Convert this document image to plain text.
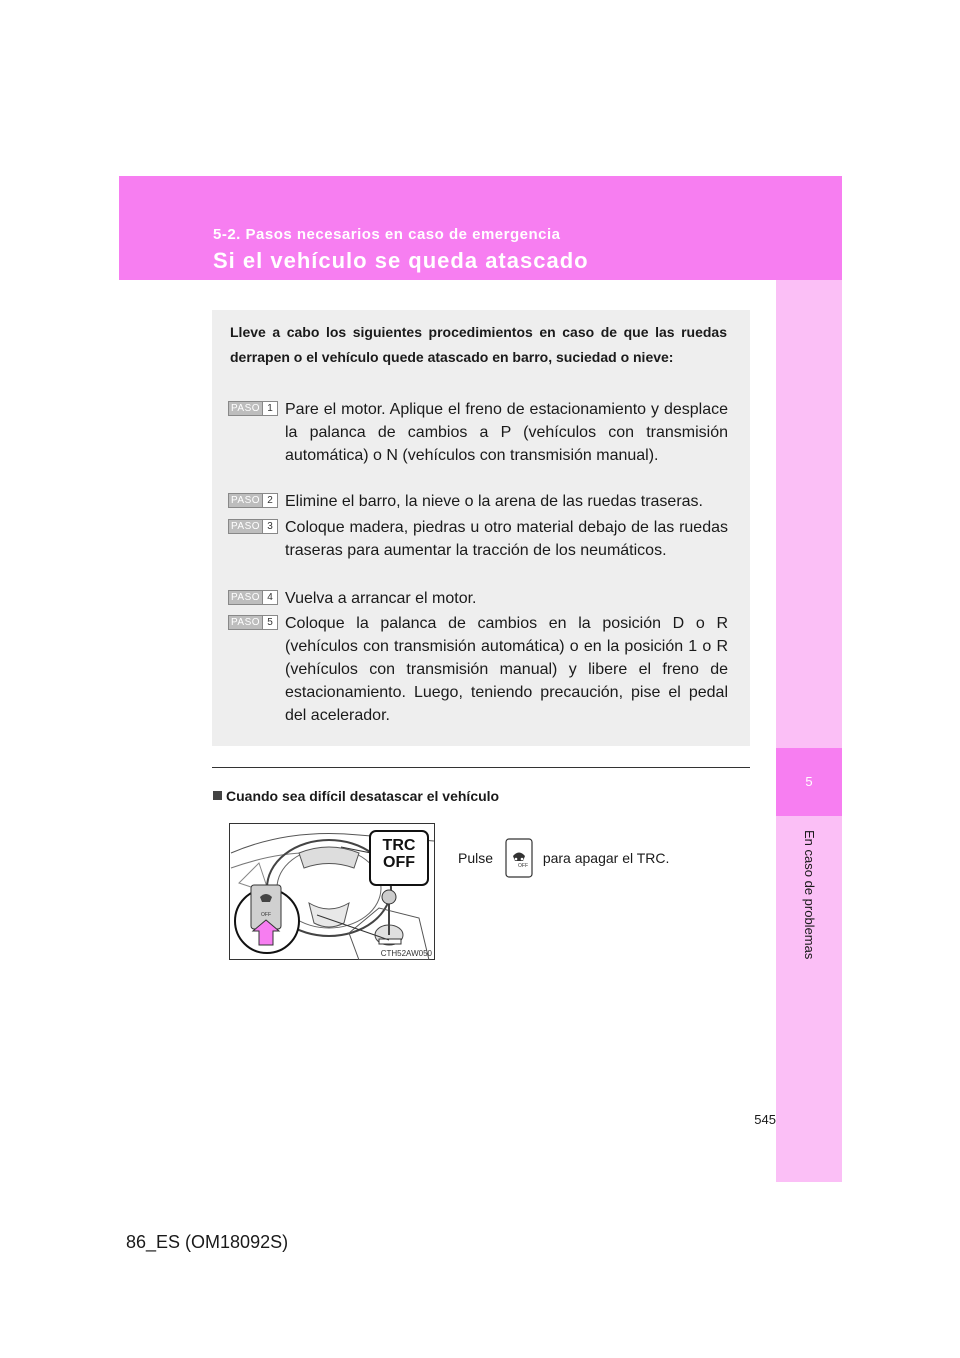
5-2. Pasos necesarios en caso de emergencia
Si el vehículo se queda atascado
5
En caso de problemas
Lleve a cabo los siguientes procedimientos en caso de que las ruedas derrapen o el vehículo quede atascado en barro, suciedad o nieve:
PASO 1 Pare el motor. Aplique el freno de estacionamiento y desplace la palanca de cambios a P (vehículos con transmisión automática) o N (vehículos con transmisión manual).
PASO 2 Elimine el barro, la nieve o la arena de las ruedas traseras.
PASO 3 Coloque madera, piedras u otro material debajo de las ruedas traseras para aumentar la tracción de los neumáticos.
PASO 4 Vuelva a arrancar el motor.
PASO 5 Coloque la palanca de cambios en la posición D o R (vehículos con transmisión automática) o en la posición 1 o R (vehículos con transmisión manual) y libere el freno de estacionamiento. Luego, teniendo precaución, pise el pedal del acelerador.
Cuando sea difícil desatascar el vehículo
TRC
OFF
OFF
CTH52AW050
Pulse	OFF para apagar el TRC.
545
86_ES (OM18092S)
